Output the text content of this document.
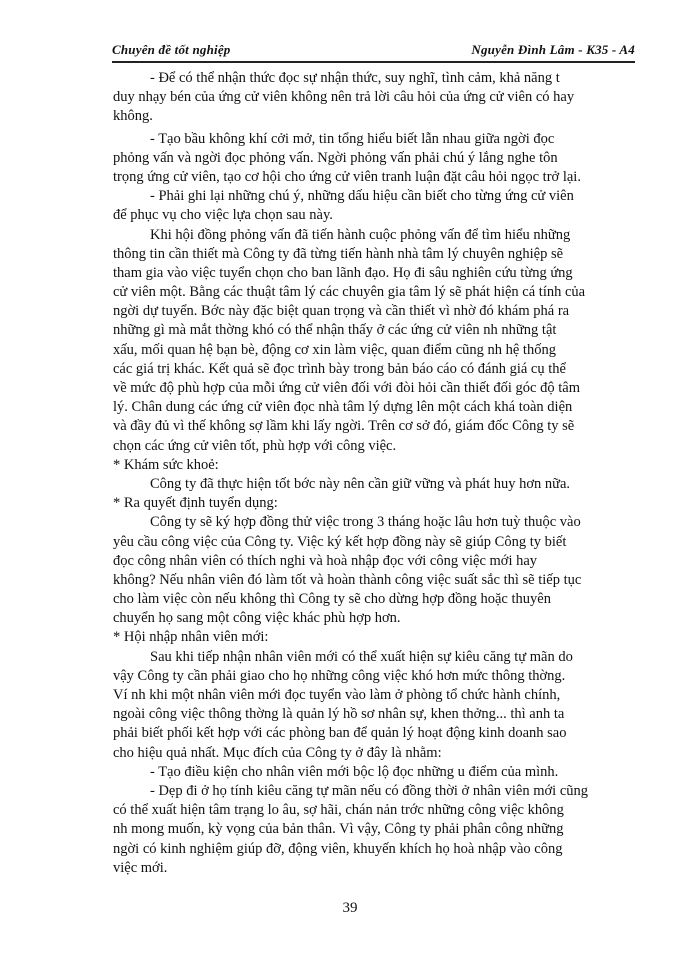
Chuyên đề tốt nghiệp	Nguyễn Đình Lâm - K35 - A4
- Để có thể nhận thức đọc sự nhận thức, suy nghĩ, tình cảm, khả năng t
duy nhạy bén của ứng cử viên không nên trả lời câu hỏi của ứng cử viên có hay
không.
- Tạo bầu không khí cởi mở, tin tổng hiểu biết lẫn nhau giữa ngời đọc
phỏng vấn và ngời đọc phỏng vấn. Ngời phỏng vấn phải chú ý lắng nghe tôn
trọng ứng cử viên, tạo cơ hội cho ứng cử viên tranh luận đặt câu hỏi ngọc trở lại.
- Phải ghi lại những chú ý, những dấu hiệu cần biết cho từng ứng cử viên
để phục vụ cho việc lựa chọn sau này.
Khi hội đồng phỏng vấn đã tiến hành cuộc phỏng vấn để tìm hiểu những
thông tin cần thiết mà Công ty đã từng tiến hành nhà tâm lý chuyên nghiệp sẽ
tham gia vào việc tuyển chọn cho ban lãnh đạo. Họ đi sâu nghiên cứu từng ứng
cử viên một. Bằng các thuật tâm lý các chuyên gia tâm lý sẽ phát hiện cá tính của
ngời dự tuyển. Bớc này đặc biệt quan trọng và cần thiết vì nhờ đó khám phá ra
những gì mà mắt thờng khó có thể nhận thấy ở các ứng cử viên nh những tật
xấu, mối quan hệ bạn bè, động cơ xin làm việc, quan điểm cũng nh hệ thống
các giá trị khác. Kết quả sẽ đọc trình bày trong bản báo cáo có đánh giá cụ thể
về mức độ phù hợp của mỗi ứng cử viên đối với đòi hỏi cần thiết đối góc độ tâm
lý. Chân dung các ứng cử viên đọc nhà tâm lý dựng lên một cách khá toàn diện
và đầy đủ vì thế không sợ lầm khi lấy ngời. Trên cơ sở đó, giám đốc Công ty sẽ
chọn các ứng cử viên tốt, phù hợp với công việc.
* Khám sức khoẻ:
Công ty đã thực hiện tốt bớc này nên cần giữ vững và phát huy hơn nữa.
* Ra quyết định tuyển dụng:
Công ty sẽ ký hợp đồng thử việc trong 3 tháng hoặc lâu hơn tuỳ thuộc vào
yêu cầu công việc của Công ty. Việc ký kết hợp đồng này sẽ giúp Công ty biết
đọc công nhân viên có thích nghi và hoà nhập đọc với công việc mới hay
không? Nếu nhân viên đó làm tốt và hoàn thành công việc suất sắc thì sẽ tiếp tục
cho làm việc còn nếu không thì Công ty sẽ cho dừng hợp đồng hoặc thuyên
chuyển họ sang một công việc khác phù hợp hơn.
* Hội nhập nhân viên mới:
Sau khi tiếp nhận nhân viên mới có thể xuất hiện sự kiêu căng tự mãn do
vậy Công ty cần phải giao cho họ những công việc khó hơn mức thông thờng.
Ví nh khi một nhân viên mới đọc tuyển vào làm ở phòng tổ chức hành chính,
ngoài công việc thông thờng là quản lý hồ sơ nhân sự, khen thởng... thì anh ta
phải biết phối kết hợp với các phòng ban để quản lý hoạt động kinh doanh sao
cho hiệu quả nhất. Mục đích của Công ty ở đây là nhằm:
- Tạo điều kiện cho nhân viên mới bộc lộ đọc những u điểm của mình.
- Dẹp đi ở họ tính kiêu căng tự mãn nếu có đồng thời ở nhân viên mới cũng
có thể xuất hiện tâm trạng lo âu, sợ hãi, chán nản trớc những công việc không
nh mong muốn, kỳ vọng của bản thân. Vì vậy, Công ty phải phân công những
ngời có kinh nghiệm giúp đỡ, động viên, khuyến khích họ hoà nhập vào công
việc mới.
39
